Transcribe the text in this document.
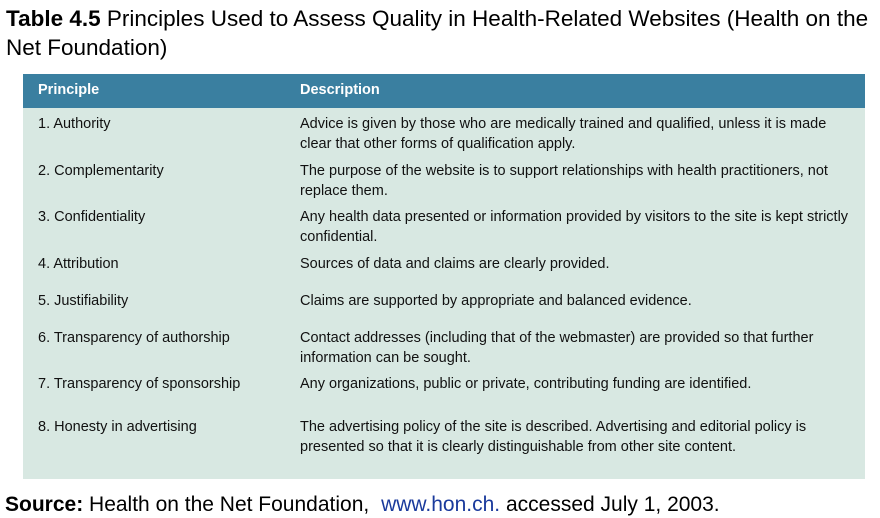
Table 4.5 Principles Used to Assess Quality in Health-Related Websites (Health on the Net Foundation)
Principle	Description
1. Authority	Advice is given by those who are medically trained and qualified, unless it is made clear that other forms of qualification apply.
2. Complementarity	The purpose of the website is to support relationships with health practitioners, not replace them.
3. Confidentiality	Any health data presented or information provided by visitors to the site is kept strictly confidential.
4. Attribution	Sources of data and claims are clearly provided.
5. Justifiability	Claims are supported by appropriate and balanced evidence.
6. Transparency of authorship	Contact addresses (including that of the webmaster) are provided so that further information can be sought.
7. Transparency of sponsorship	Any organizations, public or private, contributing funding are identified.
8. Honesty in advertising	The advertising policy of the site is described. Advertising and editorial policy is presented so that it is clearly distinguishable from other site content.
Source: Health on the Net Foundation, www.hon.ch. accessed July 1, 2003.
